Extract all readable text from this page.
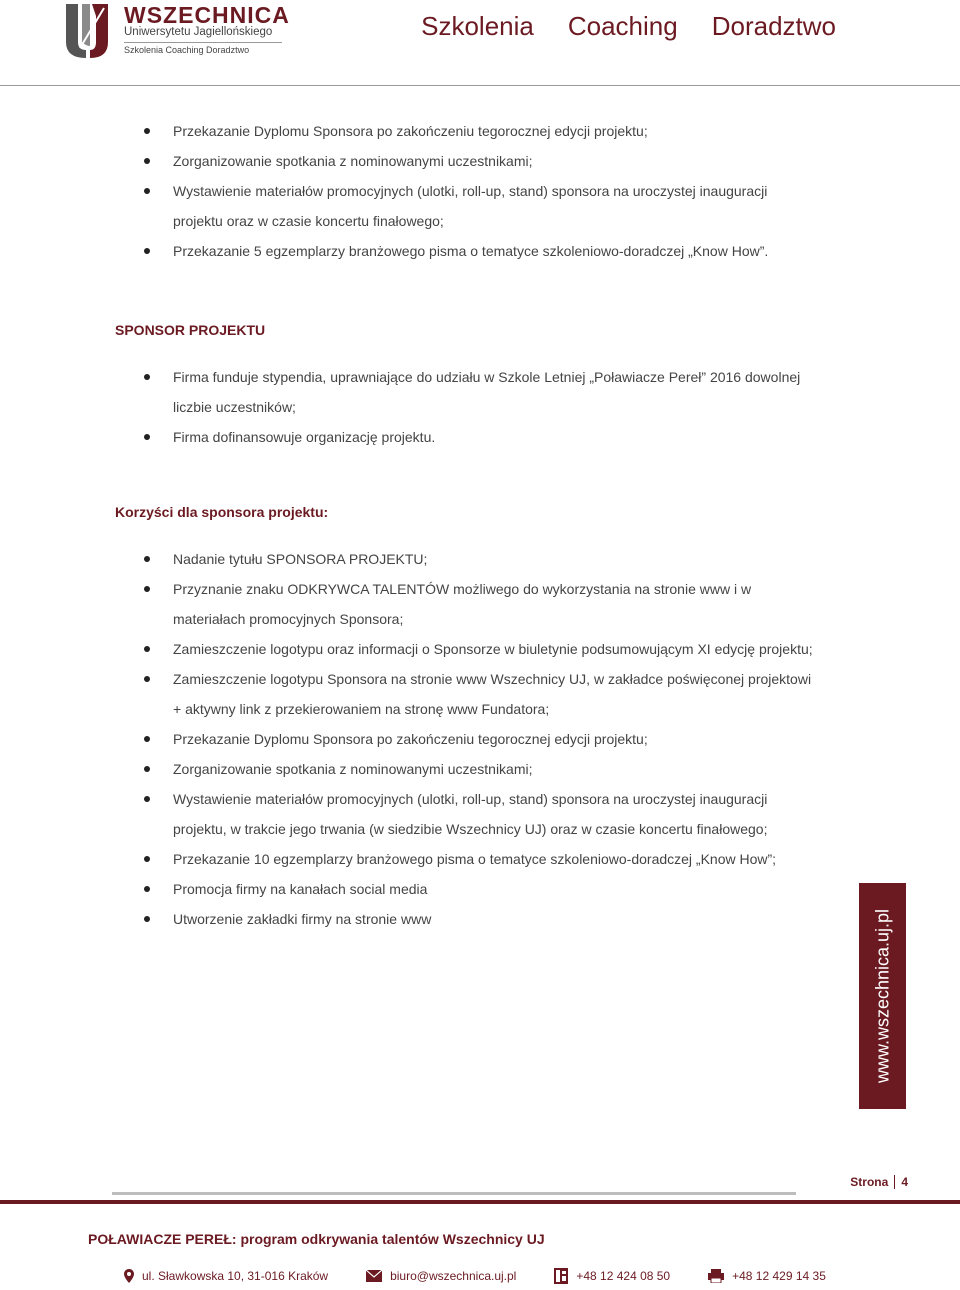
WSZECHNICA
Uniwersytetu Jagiellońskiego
Szkolenia Coaching Doradztwo
Szkolenia Coaching Doradztwo
Przekazanie Dyplomu Sponsora po zakończeniu tegorocznej edycji projektu;
Zorganizowanie spotkania z nominowanymi uczestnikami;
Wystawienie materiałów promocyjnych (ulotki, roll-up, stand) sponsora na uroczystej inauguracji projektu oraz w czasie koncertu finałowego;
Przekazanie 5 egzemplarzy branżowego pisma o tematyce szkoleniowo-doradczej „Know How”.
SPONSOR PROJEKTU
Firma funduje stypendia, uprawniające do udziału w Szkole Letniej „Poławiacze Pereł” 2016 dowolnej liczbie uczestników;
Firma dofinansowuje organizację projektu.
Korzyści dla sponsora projektu:
Nadanie tytułu SPONSORA PROJEKTU;
Przyznanie znaku ODKRYWCA TALENTÓW możliwego do wykorzystania na stronie www i w materiałach promocyjnych Sponsora;
Zamieszczenie logotypu oraz informacji o Sponsorze w biuletynie podsumowującym XI edycję projektu;
Zamieszczenie logotypu Sponsora na stronie www Wszechnicy UJ, w zakładce poświęconej projektowi + aktywny link z przekierowaniem na stronę www Fundatora;
Przekazanie Dyplomu Sponsora po zakończeniu tegorocznej edycji projektu;
Zorganizowanie spotkania z nominowanymi uczestnikami;
Wystawienie materiałów promocyjnych (ulotki, roll-up, stand) sponsora na uroczystej inauguracji projektu, w trakcie jego trwania (w siedzibie Wszechnicy UJ) oraz w czasie koncertu finałowego;
Przekazanie 10 egzemplarzy branżowego pisma o tematyce szkoleniowo-doradczej „Know How”;
Promocja firmy na kanałach social media
Utworzenie zakładki firmy na stronie www	www.wszechnica.uj.pl
Strona 4
POŁAWIACZE PEREŁ: program odkrywania talentów Wszechnicy UJ
ul. Sławkowska 10, 31-016 Kraków	biuro@wszechnica.uj.pl	+48 12 424 08 50	+48 12 429 14 35
